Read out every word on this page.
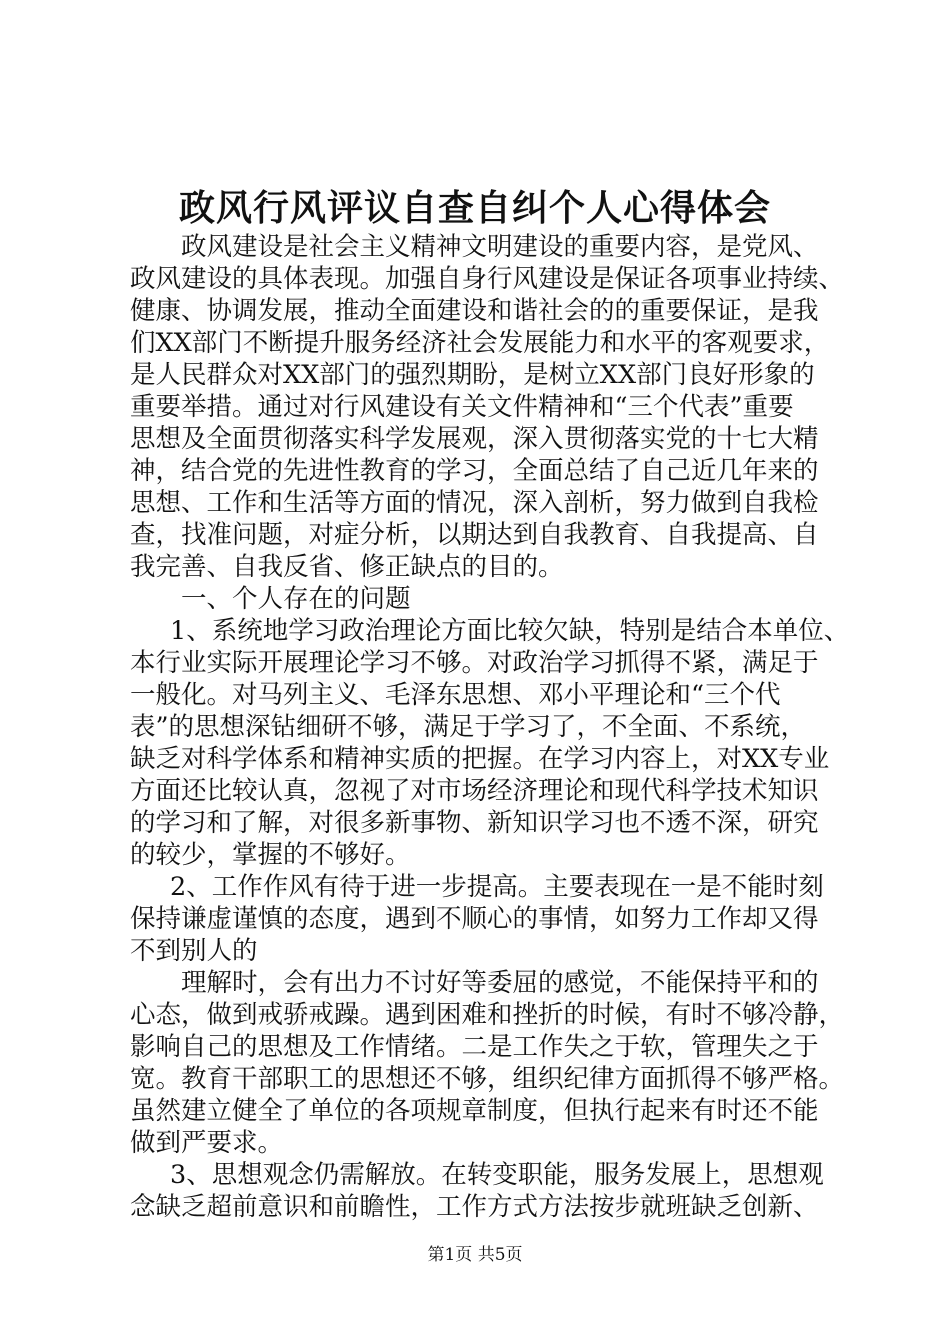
政风行风评议自查自纠个人心得体会
政风建设是社会主义精神文明建设的重要内容，是党风、
政风建设的具体表现。加强自身行风建设是保证各项事业持续、
健康、协调发展，推动全面建设和谐社会的的重要保证，是我
们XX部门不断提升服务经济社会发展能力和水平的客观要求，
是人民群众对XX部门的强烈期盼，是树立XX部门良好形象的
重要举措。通过对行风建设有关文件精神和“三个代表”重要
思想及全面贯彻落实科学发展观，深入贯彻落实党的十七大精
神，结合党的先进性教育的学习，全面总结了自己近几年来的
思想、工作和生活等方面的情况，深入剖析，努力做到自我检
查，找准问题，对症分析，以期达到自我教育、自我提高、自
我完善、自我反省、修正缺点的目的。
一、个人存在的问题
1、系统地学习政治理论方面比较欠缺，特别是结合本单位、
本行业实际开展理论学习不够。对政治学习抓得不紧，满足于
一般化。对马列主义、毛泽东思想、邓小平理论和“三个代
表”的思想深钻细研不够，满足于学习了，不全面、不系统，
缺乏对科学体系和精神实质的把握。在学习内容上，对XX专业
方面还比较认真，忽视了对市场经济理论和现代科学技术知识
的学习和了解，对很多新事物、新知识学习也不透不深，研究
的较少，掌握的不够好。
2、工作作风有待于进一步提高。主要表现在一是不能时刻
保持谦虚谨慎的态度，遇到不顺心的事情，如努力工作却又得
不到别人的
理解时，会有出力不讨好等委屈的感觉，不能保持平和的
心态，做到戒骄戒躁。遇到困难和挫折的时候，有时不够冷静，
影响自己的思想及工作情绪。二是工作失之于软，管理失之于
宽。教育干部职工的思想还不够，组织纪律方面抓得不够严格。
虽然建立健全了单位的各项规章制度，但执行起来有时还不能
做到严要求。
3、思想观念仍需解放。在转变职能，服务发展上，思想观
念缺乏超前意识和前瞻性，工作方式方法按步就班缺乏创新、
第1页 共5页
